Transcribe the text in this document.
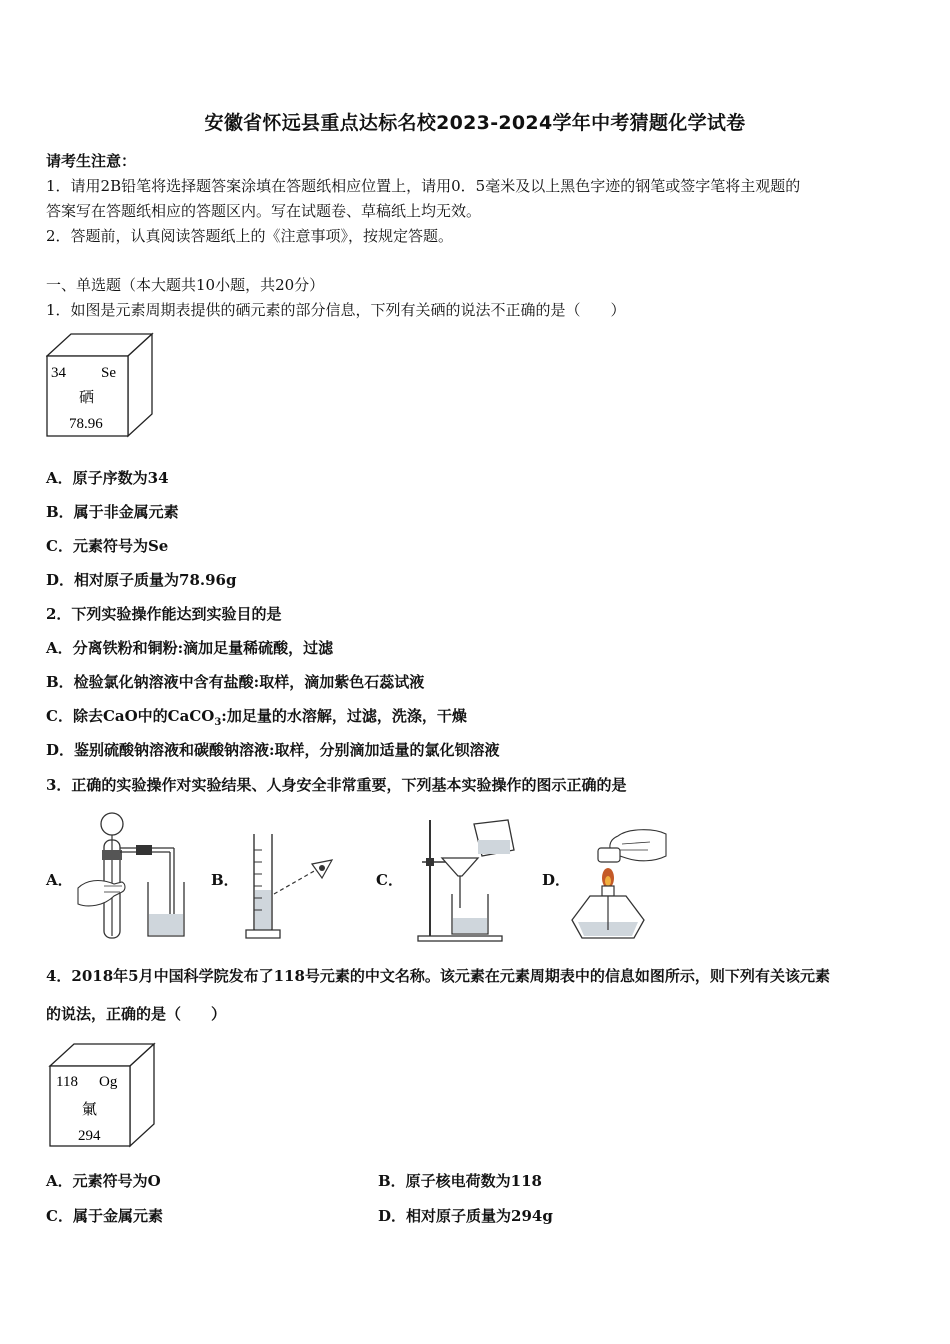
安徽省怀远县重点达标名校2023-2024学年中考猜题化学试卷
请考生注意：
1．请用2B铅笔将选择题答案涂填在答题纸相应位置上，请用0．5毫米及以上黑色字迹的钢笔或签字笔将主观题的
答案写在答题纸相应的答题区内。写在试题卷、草稿纸上均无效。
2．答题前，认真阅读答题纸上的《注意事项》，按规定答题。
一、单选题（本大题共10小题，共20分）
1．如图是元素周期表提供的硒元素的部分信息，下列有关硒的说法不正确的是（　　）
34 Se
硒
78.96
A．原子序数为34
B．属于非金属元素
C．元素符号为Se
D．相对原子质量为78.96g
2．下列实验操作能达到实验目的是
A．分离铁粉和铜粉:滴加足量稀硫酸，过滤
B．检验氯化钠溶液中含有盐酸:取样，滴加紫色石蕊试液
C．除去CaO中的CaCO$_3$:加足量的水溶解，过滤，洗涤，干燥
D．鉴别硫酸钠溶液和碳酸钠溶液:取样，分别滴加适量的氯化钡溶液
3．正确的实验操作对实验结果、人身安全非常重要，下列基本实验操作的图示正确的是
A．	B．	C．	D．
4．2018年5月中国科学院发布了118号元素的中文名称。该元素在元素周期表中的信息如图所示，则下列有关该元素
的说法，正确的是（　　）
118 Og
氭
294
A．元素符号为O	B．原子核电荷数为118
C．属于金属元素	D．相对原子质量为294g
